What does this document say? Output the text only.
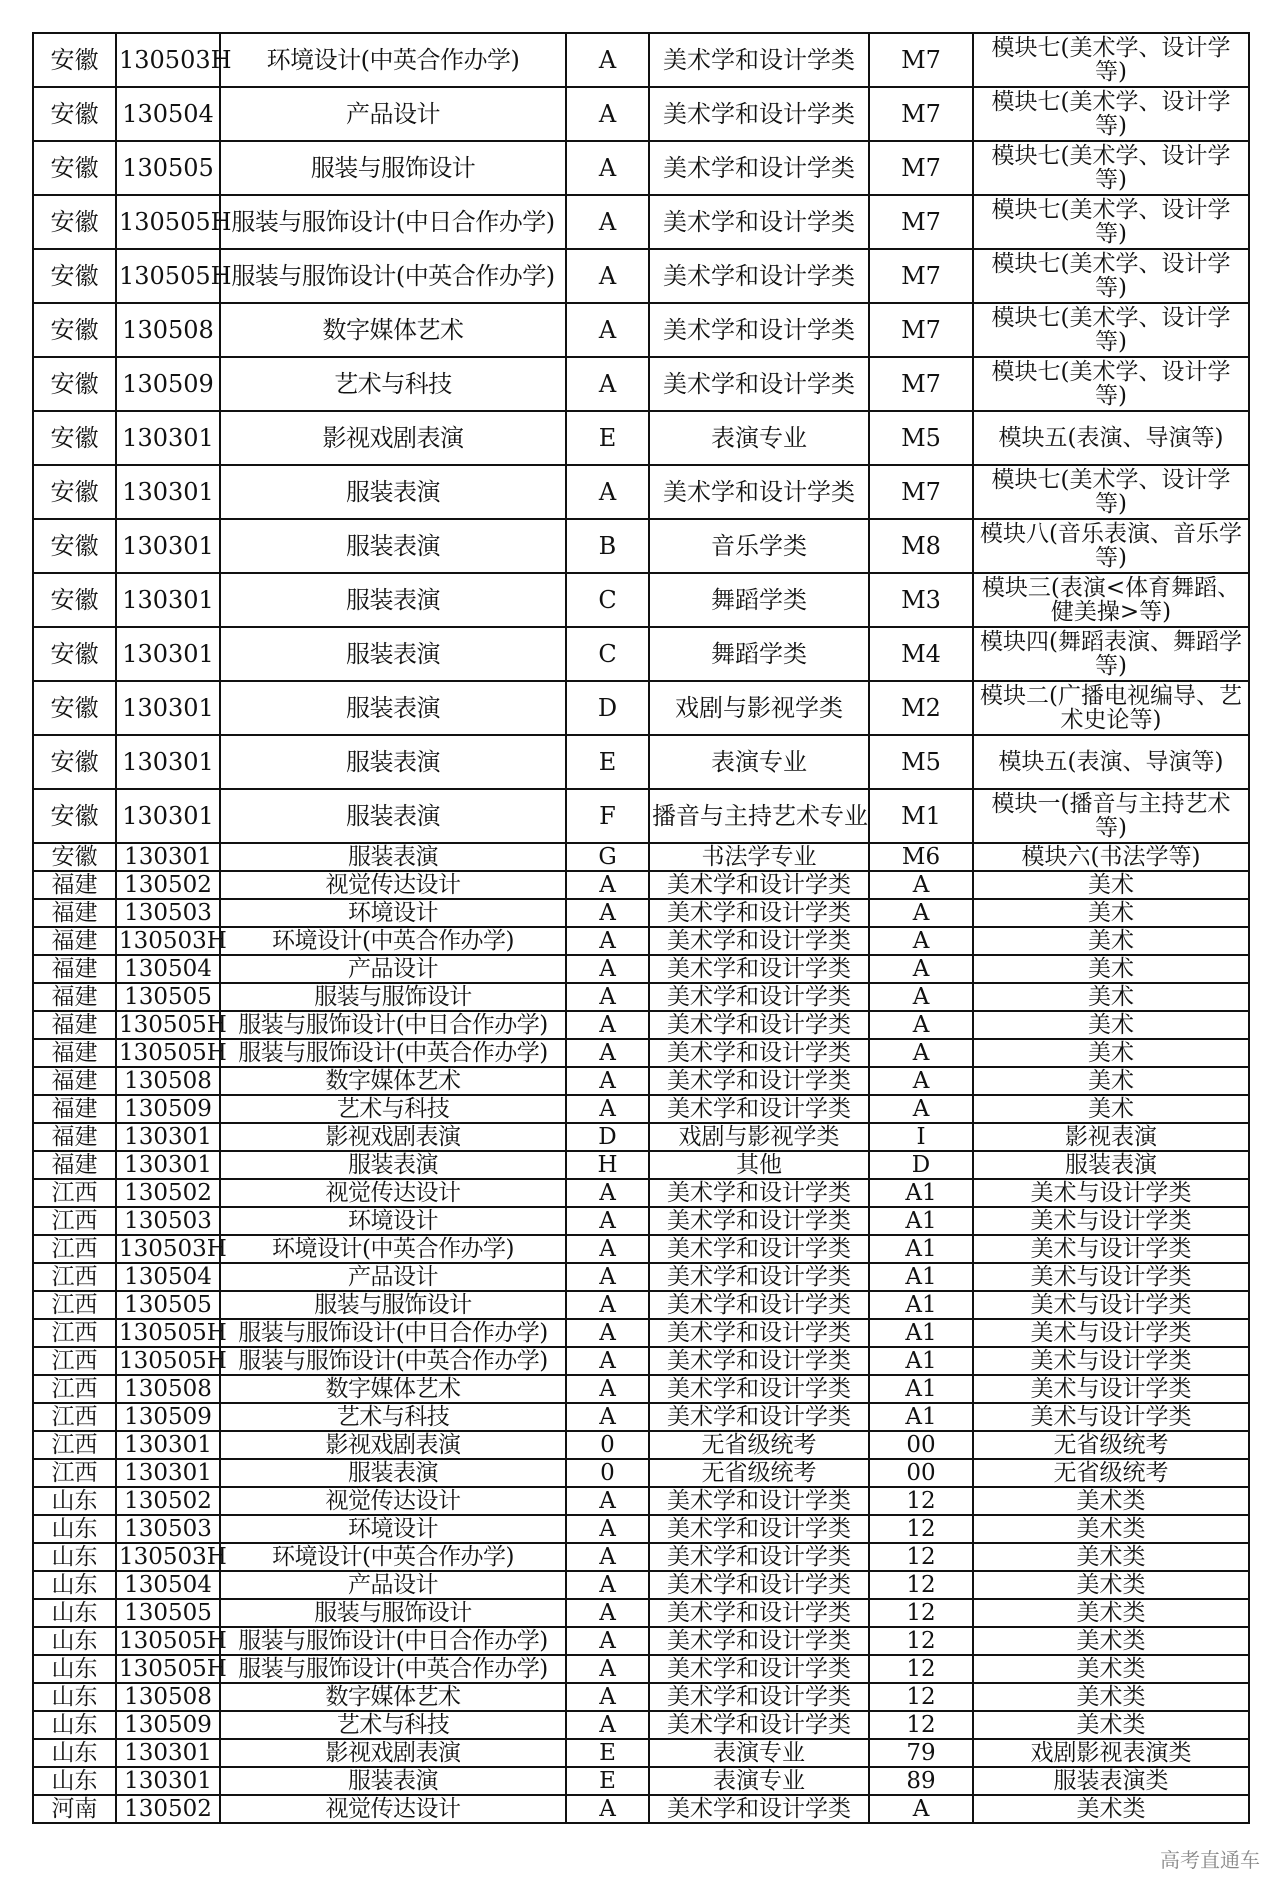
安徽	130503H	环境设计(中英合作办学)	A	美术学和设计学类	M7	模块七(美术学、设计学等)
安徽	130504	产品设计	A	美术学和设计学类	M7	模块七(美术学、设计学等)
安徽	130505	服装与服饰设计	A	美术学和设计学类	M7	模块七(美术学、设计学等)
安徽	130505H	服装与服饰设计(中日合作办学)	A	美术学和设计学类	M7	模块七(美术学、设计学等)
安徽	130505H	服装与服饰设计(中英合作办学)	A	美术学和设计学类	M7	模块七(美术学、设计学等)
安徽	130508	数字媒体艺术	A	美术学和设计学类	M7	模块七(美术学、设计学等)
安徽	130509	艺术与科技	A	美术学和设计学类	M7	模块七(美术学、设计学等)
安徽	130301	影视戏剧表演	E	表演专业	M5	模块五(表演、导演等)
安徽	130301	服装表演	A	美术学和设计学类	M7	模块七(美术学、设计学等)
安徽	130301	服装表演	B	音乐学类	M8	模块八(音乐表演、音乐学等)
安徽	130301	服装表演	C	舞蹈学类	M3	模块三(表演<体育舞蹈、健美操>等)
安徽	130301	服装表演	C	舞蹈学类	M4	模块四(舞蹈表演、舞蹈学等)
安徽	130301	服装表演	D	戏剧与影视学类	M2	模块二(广播电视编导、艺术史论等)
安徽	130301	服装表演	E	表演专业	M5	模块五(表演、导演等)
安徽	130301	服装表演	F	播音与主持艺术专业	M1	模块一(播音与主持艺术等)
安徽	130301	服装表演	G	书法学专业	M6	模块六(书法学等)
福建	130502	视觉传达设计	A	美术学和设计学类	A	美术
福建	130503	环境设计	A	美术学和设计学类	A	美术
福建	130503H	环境设计(中英合作办学)	A	美术学和设计学类	A	美术
福建	130504	产品设计	A	美术学和设计学类	A	美术
福建	130505	服装与服饰设计	A	美术学和设计学类	A	美术
福建	130505H	服装与服饰设计(中日合作办学)	A	美术学和设计学类	A	美术
福建	130505H	服装与服饰设计(中英合作办学)	A	美术学和设计学类	A	美术
福建	130508	数字媒体艺术	A	美术学和设计学类	A	美术
福建	130509	艺术与科技	A	美术学和设计学类	A	美术
福建	130301	影视戏剧表演	D	戏剧与影视学类	I	影视表演
福建	130301	服装表演	H	其他	D	服装表演
江西	130502	视觉传达设计	A	美术学和设计学类	A1	美术与设计学类
江西	130503	环境设计	A	美术学和设计学类	A1	美术与设计学类
江西	130503H	环境设计(中英合作办学)	A	美术学和设计学类	A1	美术与设计学类
江西	130504	产品设计	A	美术学和设计学类	A1	美术与设计学类
江西	130505	服装与服饰设计	A	美术学和设计学类	A1	美术与设计学类
江西	130505H	服装与服饰设计(中日合作办学)	A	美术学和设计学类	A1	美术与设计学类
江西	130505H	服装与服饰设计(中英合作办学)	A	美术学和设计学类	A1	美术与设计学类
江西	130508	数字媒体艺术	A	美术学和设计学类	A1	美术与设计学类
江西	130509	艺术与科技	A	美术学和设计学类	A1	美术与设计学类
江西	130301	影视戏剧表演	0	无省级统考	00	无省级统考
江西	130301	服装表演	0	无省级统考	00	无省级统考
山东	130502	视觉传达设计	A	美术学和设计学类	12	美术类
山东	130503	环境设计	A	美术学和设计学类	12	美术类
山东	130503H	环境设计(中英合作办学)	A	美术学和设计学类	12	美术类
山东	130504	产品设计	A	美术学和设计学类	12	美术类
山东	130505	服装与服饰设计	A	美术学和设计学类	12	美术类
山东	130505H	服装与服饰设计(中日合作办学)	A	美术学和设计学类	12	美术类
山东	130505H	服装与服饰设计(中英合作办学)	A	美术学和设计学类	12	美术类
山东	130508	数字媒体艺术	A	美术学和设计学类	12	美术类
山东	130509	艺术与科技	A	美术学和设计学类	12	美术类
山东	130301	影视戏剧表演	E	表演专业	79	戏剧影视表演类
山东	130301	服装表演	E	表演专业	89	服装表演类
河南	130502	视觉传达设计	A	美术学和设计学类	A	美术类
高考直通车
